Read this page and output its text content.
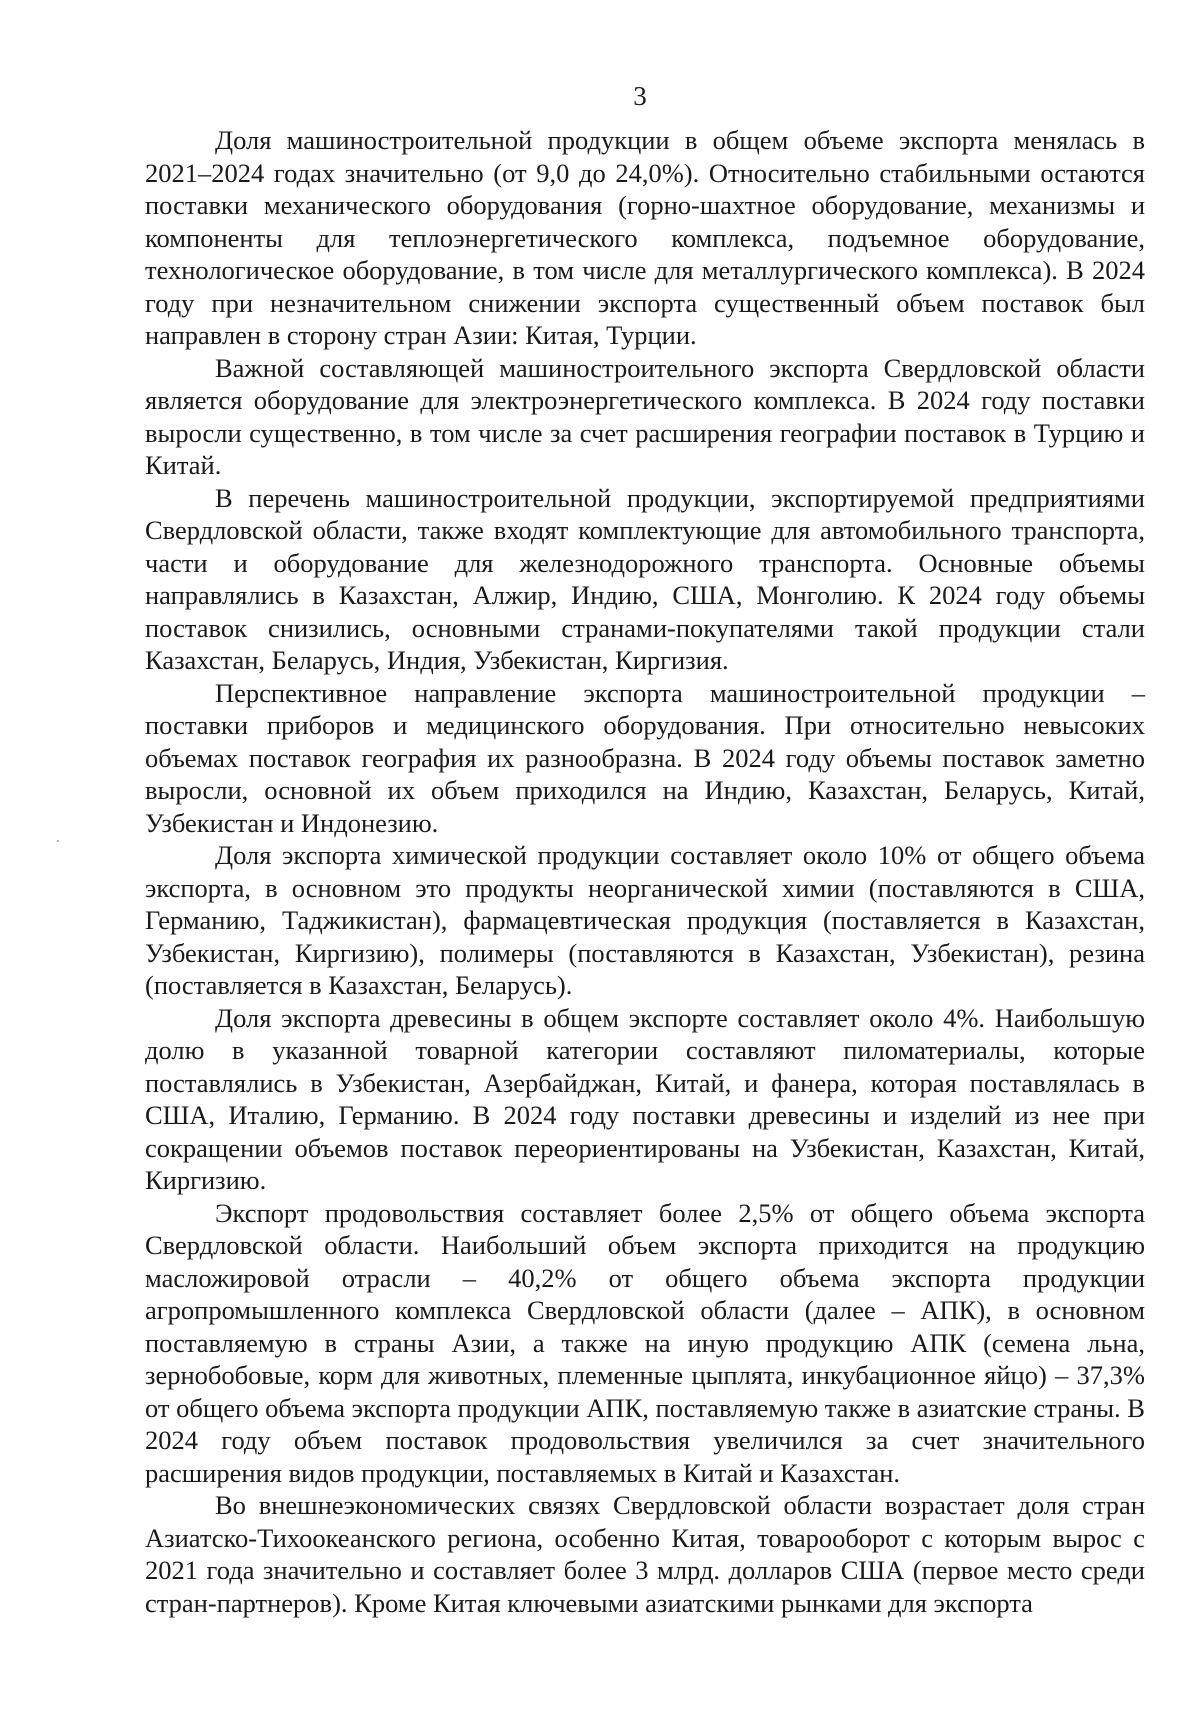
3

Доля машиностроительной продукции в общем объеме экспорта менялась в 2021–2024 годах значительно (от 9,0 до 24,0%). Относительно стабильными остаются поставки механического оборудования (горно-шахтное оборудование, механизмы и компоненты для теплоэнергетического комплекса, подъемное оборудование, технологическое оборудование, в том числе для металлургического комплекса). В 2024 году при незначительном снижении экспорта существенный объем поставок был направлен в сторону стран Азии: Китая, Турции.

Важной составляющей машиностроительного экспорта Свердловской области является оборудование для электроэнергетического комплекса. В 2024 году поставки выросли существенно, в том числе за счет расширения географии поставок в Турцию и Китай.

В перечень машиностроительной продукции, экспортируемой предприятиями Свердловской области, также входят комплектующие для автомобильного транспорта, части и оборудование для железнодорожного транспорта. Основные объемы направлялись в Казахстан, Алжир, Индию, США, Монголию. К 2024 году объемы поставок снизились, основными странами-покупателями такой продукции стали Казахстан, Беларусь, Индия, Узбекистан, Киргизия.

Перспективное направление экспорта машиностроительной продукции – поставки приборов и медицинского оборудования. При относительно невысоких объемах поставок география их разнообразна. В 2024 году объемы поставок заметно выросли, основной их объем приходился на Индию, Казахстан, Беларусь, Китай, Узбекистан и Индонезию.

Доля экспорта химической продукции составляет около 10% от общего объема экспорта, в основном это продукты неорганической химии (поставляются в США, Германию, Таджикистан), фармацевтическая продукция (поставляется в Казахстан, Узбекистан, Киргизию), полимеры (поставляются в Казахстан, Узбекистан), резина (поставляется в Казахстан, Беларусь).

Доля экспорта древесины в общем экспорте составляет около 4%. Наибольшую долю в указанной товарной категории составляют пиломатериалы, которые поставлялись в Узбекистан, Азербайджан, Китай, и фанера, которая поставлялась в США, Италию, Германию. В 2024 году поставки древесины и изделий из нее при сокращении объемов поставок переориентированы на Узбекистан, Казахстан, Китай, Киргизию.

Экспорт продовольствия составляет более 2,5% от общего объема экспорта Свердловской области. Наибольший объем экспорта приходится на продукцию масложировой отрасли – 40,2% от общего объема экспорта продукции агропромышленного комплекса Свердловской области (далее – АПК), в основном поставляемую в страны Азии, а также на иную продукцию АПК (семена льна, зернобобовые, корм для животных, племенные цыплята, инкубационное яйцо) – 37,3% от общего объема экспорта продукции АПК, поставляемую также в азиатские страны. В 2024 году объем поставок продовольствия увеличился за счет значительного расширения видов продукции, поставляемых в Китай и Казахстан.

Во внешнеэкономических связях Свердловской области возрастает доля стран Азиатско-Тихоокеанского региона, особенно Китая, товарооборот с которым вырос с 2021 года значительно и составляет более 3 млрд. долларов США (первое место среди стран-партнеров). Кроме Китая ключевыми азиатскими рынками для экспорта
